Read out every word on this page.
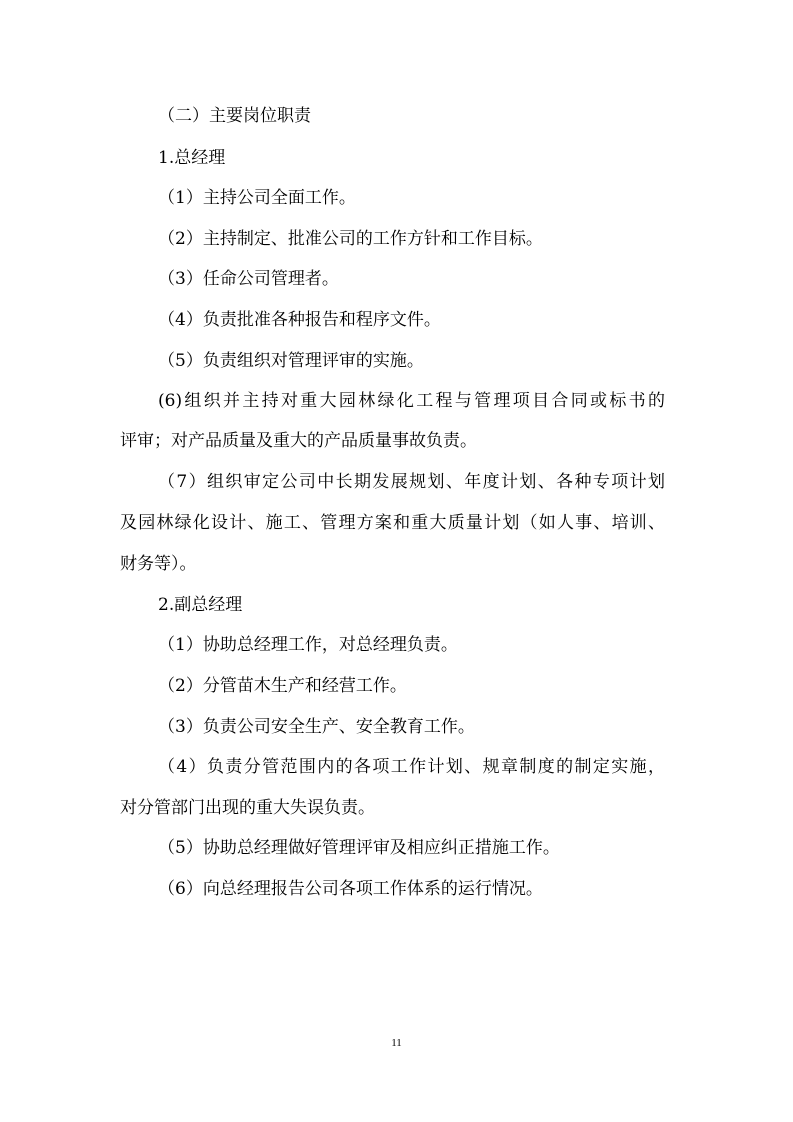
（二）主要岗位职责
1.总经理
（1）主持公司全面工作。
（2）主持制定、批准公司的工作方针和工作目标。
（3）任命公司管理者。
（4）负责批准各种报告和程序文件。
（5）负责组织对管理评审的实施。
(6)组织并主持对重大园林绿化工程与管理项目合同或标书的
评审；对产品质量及重大的产品质量事故负责。
（7）组织审定公司中长期发展规划、年度计划、各种专项计划
及园林绿化设计、施工、管理方案和重大质量计划（如人事、培训、
财务等）。
2.副总经理
（1）协助总经理工作，对总经理负责。
（2）分管苗木生产和经营工作。
（3）负责公司安全生产、安全教育工作。
（4）负责分管范围内的各项工作计划、规章制度的制定实施，
对分管部门出现的重大失误负责。
（5）协助总经理做好管理评审及相应纠正措施工作。
（6）向总经理报告公司各项工作体系的运行情况。
11
